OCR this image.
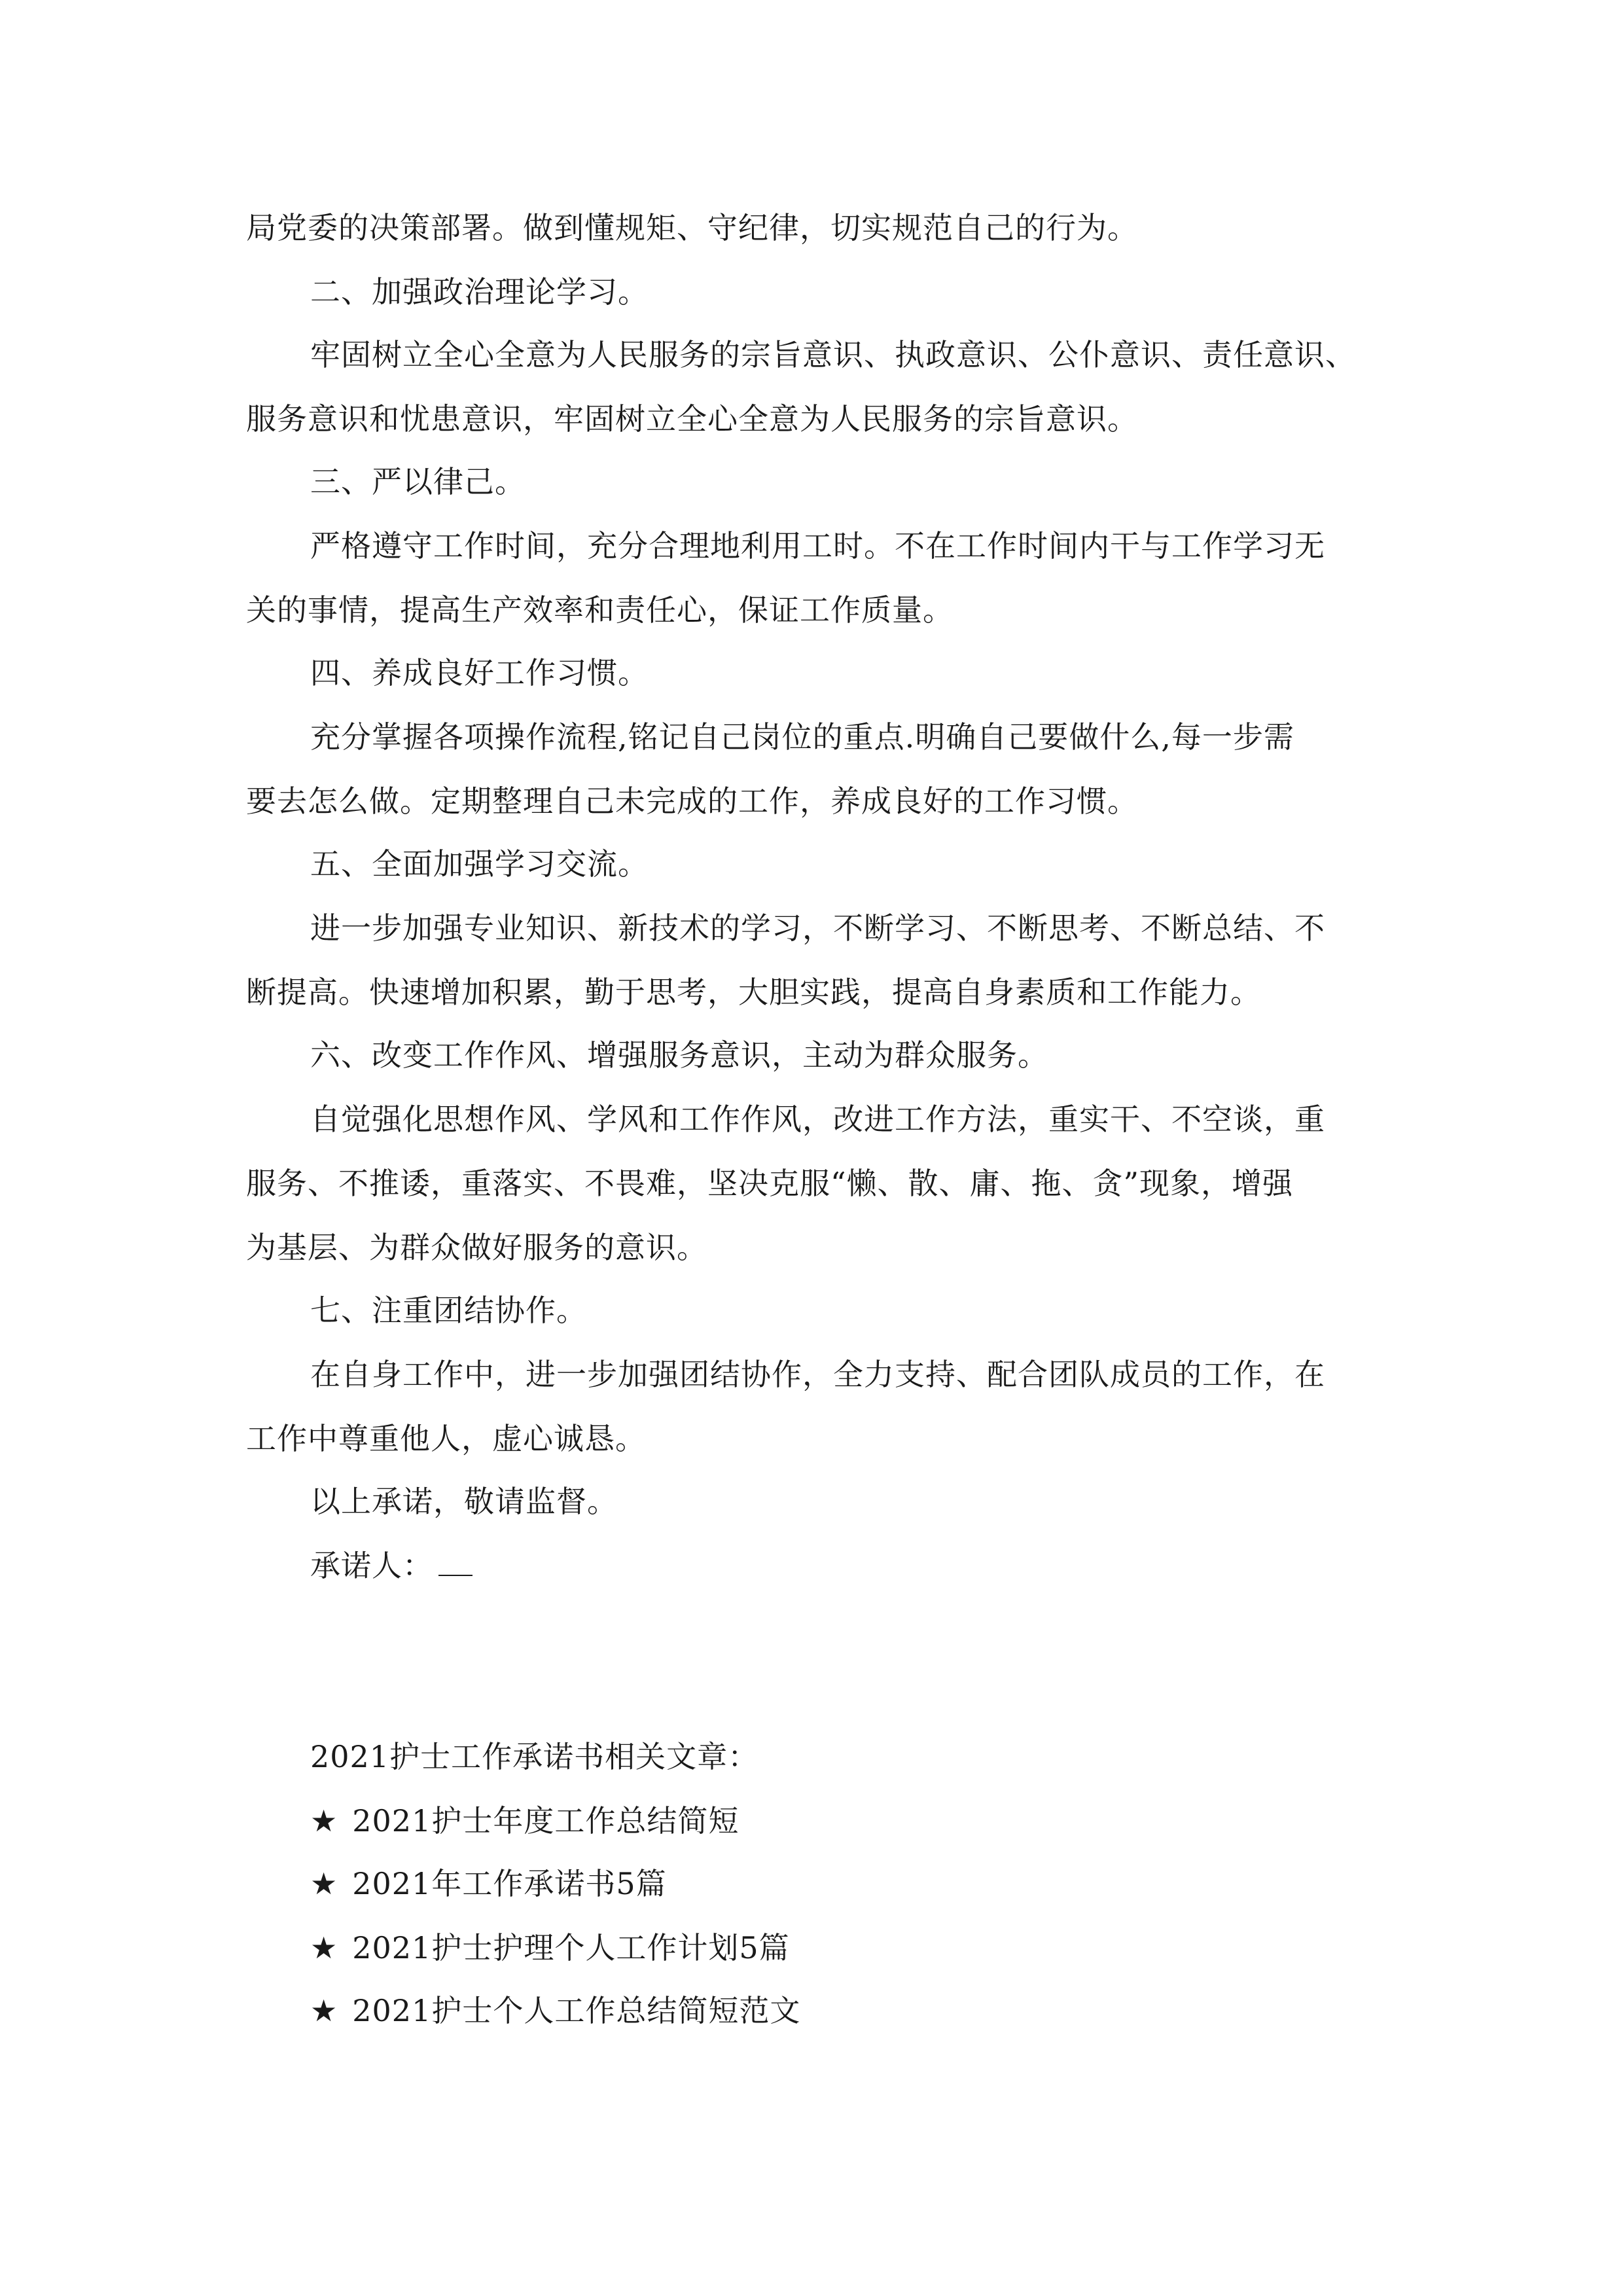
局党委的决策部署。做到懂规矩、守纪律，切实规范自己的行为。
二、加强政治理论学习。
牢固树立全心全意为人民服务的宗旨意识、执政意识、公仆意识、责任意识、
服务意识和忧患意识，牢固树立全心全意为人民服务的宗旨意识。
三、严以律己。
严格遵守工作时间，充分合理地利用工时。不在工作时间内干与工作学习无
关的事情，提高生产效率和责任心，保证工作质量。
四、养成良好工作习惯。
充分掌握各项操作流程,铭记自己岗位的重点.明确自己要做什么,每一步需
要去怎么做。定期整理自己未完成的工作，养成良好的工作习惯。
五、全面加强学习交流。
进一步加强专业知识、新技术的学习，不断学习、不断思考、不断总结、不
断提高。快速增加积累，勤于思考，大胆实践，提高自身素质和工作能力。
六、改变工作作风、增强服务意识，主动为群众服务。
自觉强化思想作风、学风和工作作风，改进工作方法，重实干、不空谈，重
服务、不推诿，重落实、不畏难，坚决克服“懒、散、庸、拖、贪”现象，增强
为基层、为群众做好服务的意识。
七、注重团结协作。
在自身工作中，进一步加强团结协作，全力支持、配合团队成员的工作，在
工作中尊重他人，虚心诚恳。
以上承诺，敬请监督。
承诺人：
2021护士工作承诺书相关文章：
★ 2021护士年度工作总结简短
★ 2021年工作承诺书5篇
★ 2021护士护理个人工作计划5篇
★ 2021护士个人工作总结简短范文
